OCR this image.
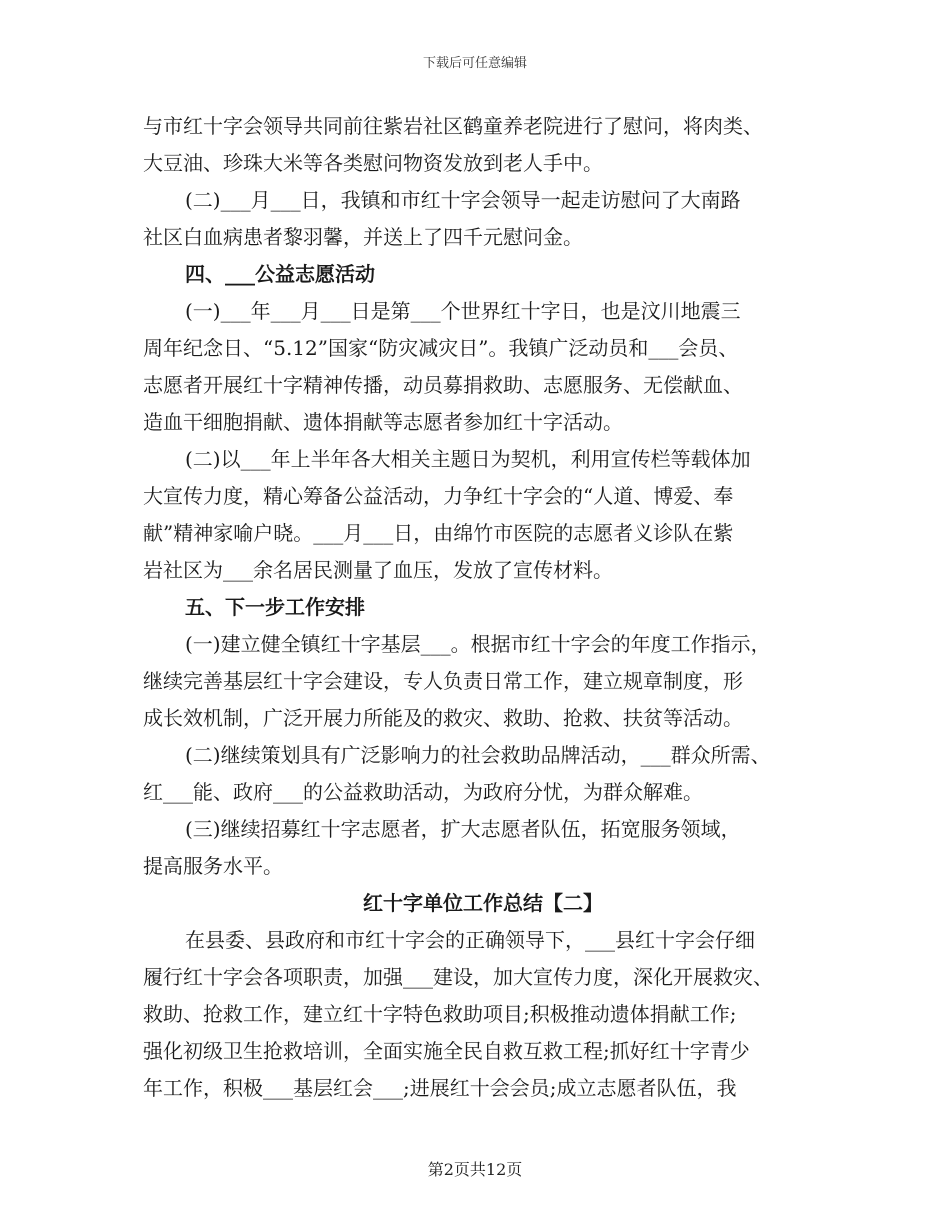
下载后可任意编辑
与市红十字会领导共同前往紫岩社区鹤童养老院进行了慰问，将肉类、
大豆油、珍珠大米等各类慰问物资发放到老人手中。
(二)___月___日，我镇和市红十字会领导一起走访慰问了大南路
社区白血病患者黎羽馨，并送上了四千元慰问金。
四、___公益志愿活动
(一)___年___月___日是第___个世界红十字日，也是汶川地震三
周年纪念日、“5.12”国家“防灾减灾日”。我镇广泛动员和___会员、
志愿者开展红十字精神传播，动员募捐救助、志愿服务、无偿献血、
造血干细胞捐献、遗体捐献等志愿者参加红十字活动。
(二)以___年上半年各大相关主题日为契机，利用宣传栏等载体加
大宣传力度，精心筹备公益活动，力争红十字会的“人道、博爱、奉
献”精神家喻户晓。___月___日，由绵竹市医院的志愿者义诊队在紫
岩社区为___余名居民测量了血压，发放了宣传材料。
五、下一步工作安排
(一)建立健全镇红十字基层___。根据市红十字会的年度工作指示，
继续完善基层红十字会建设，专人负责日常工作，建立规章制度，形
成长效机制，广泛开展力所能及的救灾、救助、抢救、扶贫等活动。
(二)继续策划具有广泛影响力的社会救助品牌活动，___群众所需、
红___能、政府___的公益救助活动，为政府分忧，为群众解难。
(三)继续招募红十字志愿者，扩大志愿者队伍，拓宽服务领域，
提高服务水平。
红十字单位工作总结【二】
在县委、县政府和市红十字会的正确领导下，___县红十字会仔细
履行红十字会各项职责，加强___建设，加大宣传力度，深化开展救灾、
救助、抢救工作，建立红十字特色救助项目;积极推动遗体捐献工作;
强化初级卫生抢救培训，全面实施全民自救互救工程;抓好红十字青少
年工作，积极___基层红会___;进展红十会会员;成立志愿者队伍，我
第2页共12页
